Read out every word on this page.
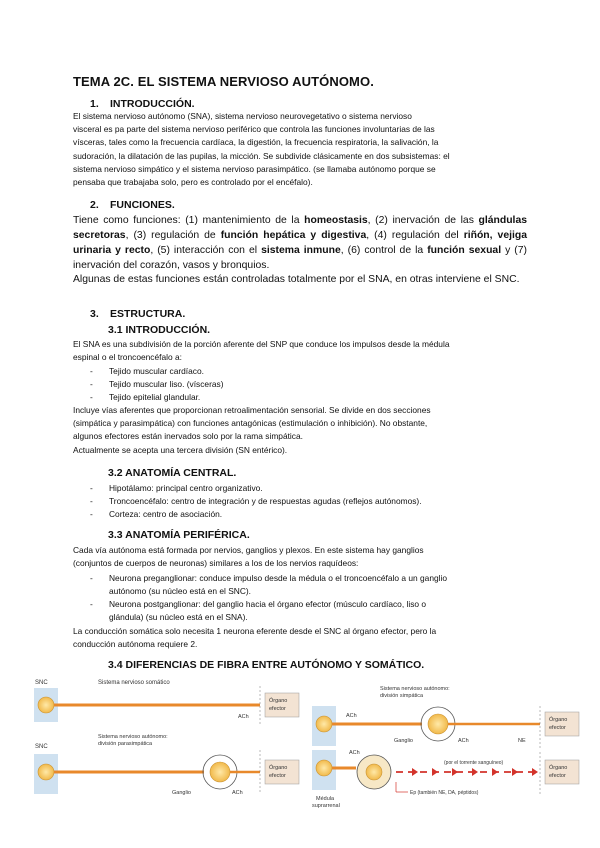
TEMA 2C. EL SISTEMA NERVIOSO AUTÓNOMO.
1. INTRODUCCIÓN.
El sistema nervioso autónomo (SNA), sistema nervioso neurovegetativo o sistema nervioso
visceral es pa parte del sistema nervioso periférico que controla las funciones involuntarias de las
vísceras, tales como la frecuencia cardíaca, la digestión, la frecuencia respiratoria, la salivación, la
sudoración, la dilatación de las pupilas, la micción. Se subdivide clásicamente en dos subsistemas: el
sistema nervioso simpático y el sistema nervioso parasimpático. (se llamaba autónomo porque se
pensaba que trabajaba solo, pero es controlado por el encéfalo).
2. FUNCIONES.
Tiene como funciones: (1) mantenimiento de la homeostasis, (2) inervación de las glándulas secretoras, (3) regulación de función hepática y digestiva, (4) regulación del riñón, vejiga urinaria y recto, (5) interacción con el sistema inmune, (6) control de la función sexual y (7) inervación del corazón, vasos y bronquios.
Algunas de estas funciones están controladas totalmente por el SNA, en otras interviene el SNC.
3. ESTRUCTURA.
3.1 INTRODUCCIÓN.
El SNA es una subdivisión de la porción aferente del SNP que conduce los impulsos desde la médula
espinal o el troncoencéfalo a:
- Tejido muscular cardíaco.
- Tejido muscular liso. (vísceras)
- Tejido epitelial glandular.
Incluye vías aferentes que proporcionan retroalimentación sensorial. Se divide en dos secciones
(simpática y parasimpática) con funciones antagónicas (estimulación o inhibición). No obstante,
algunos efectores están inervados solo por la rama simpática.
Actualmente se acepta una tercera división (SN entérico).
3.2 ANATOMÍA CENTRAL.
- Hipotálamo: principal centro organizativo.
- Troncoencéfalo: centro de integración y de respuestas agudas (reflejos autónomos).
- Corteza: centro de asociación.
3.3 ANATOMÍA PERIFÉRICA.
Cada vía autónoma está formada por nervios, ganglios y plexos. En este sistema hay ganglios
(conjuntos de cuerpos de neuronas) similares a los de los nervios raquídeos:
- Neurona preganglionar: conduce impulso desde la médula o el troncoencéfalo a un ganglio
autónomo (su núcleo está en el SNC).
- Neurona postganglionar: del ganglio hacia el órgano efector (músculo cardíaco, liso o
glándula) (su núcleo está en el SNA).
La conducción somática solo necesita 1 neurona eferente desde el SNC al órgano efector, pero la
conducción autónoma requiere 2.
3.4 DIFERENCIAS DE FIBRA ENTRE AUTÓNOMO Y SOMÁTICO.
SNC	Sistema nervioso somático
Órgano
efector
ACh
SNC
Sistema nervioso autónomo: división parasimpática
Órgano
efector
Ganglio	ACh
Sistema nervioso autónomo: división simpática
Órgano
efector
ACh
Ganglio	ACh	NE
ACh
Médula suprarrenal
(por el torrente sanguíneo)
Ep (también NE, DA, péptidos)
Órgano
efector
